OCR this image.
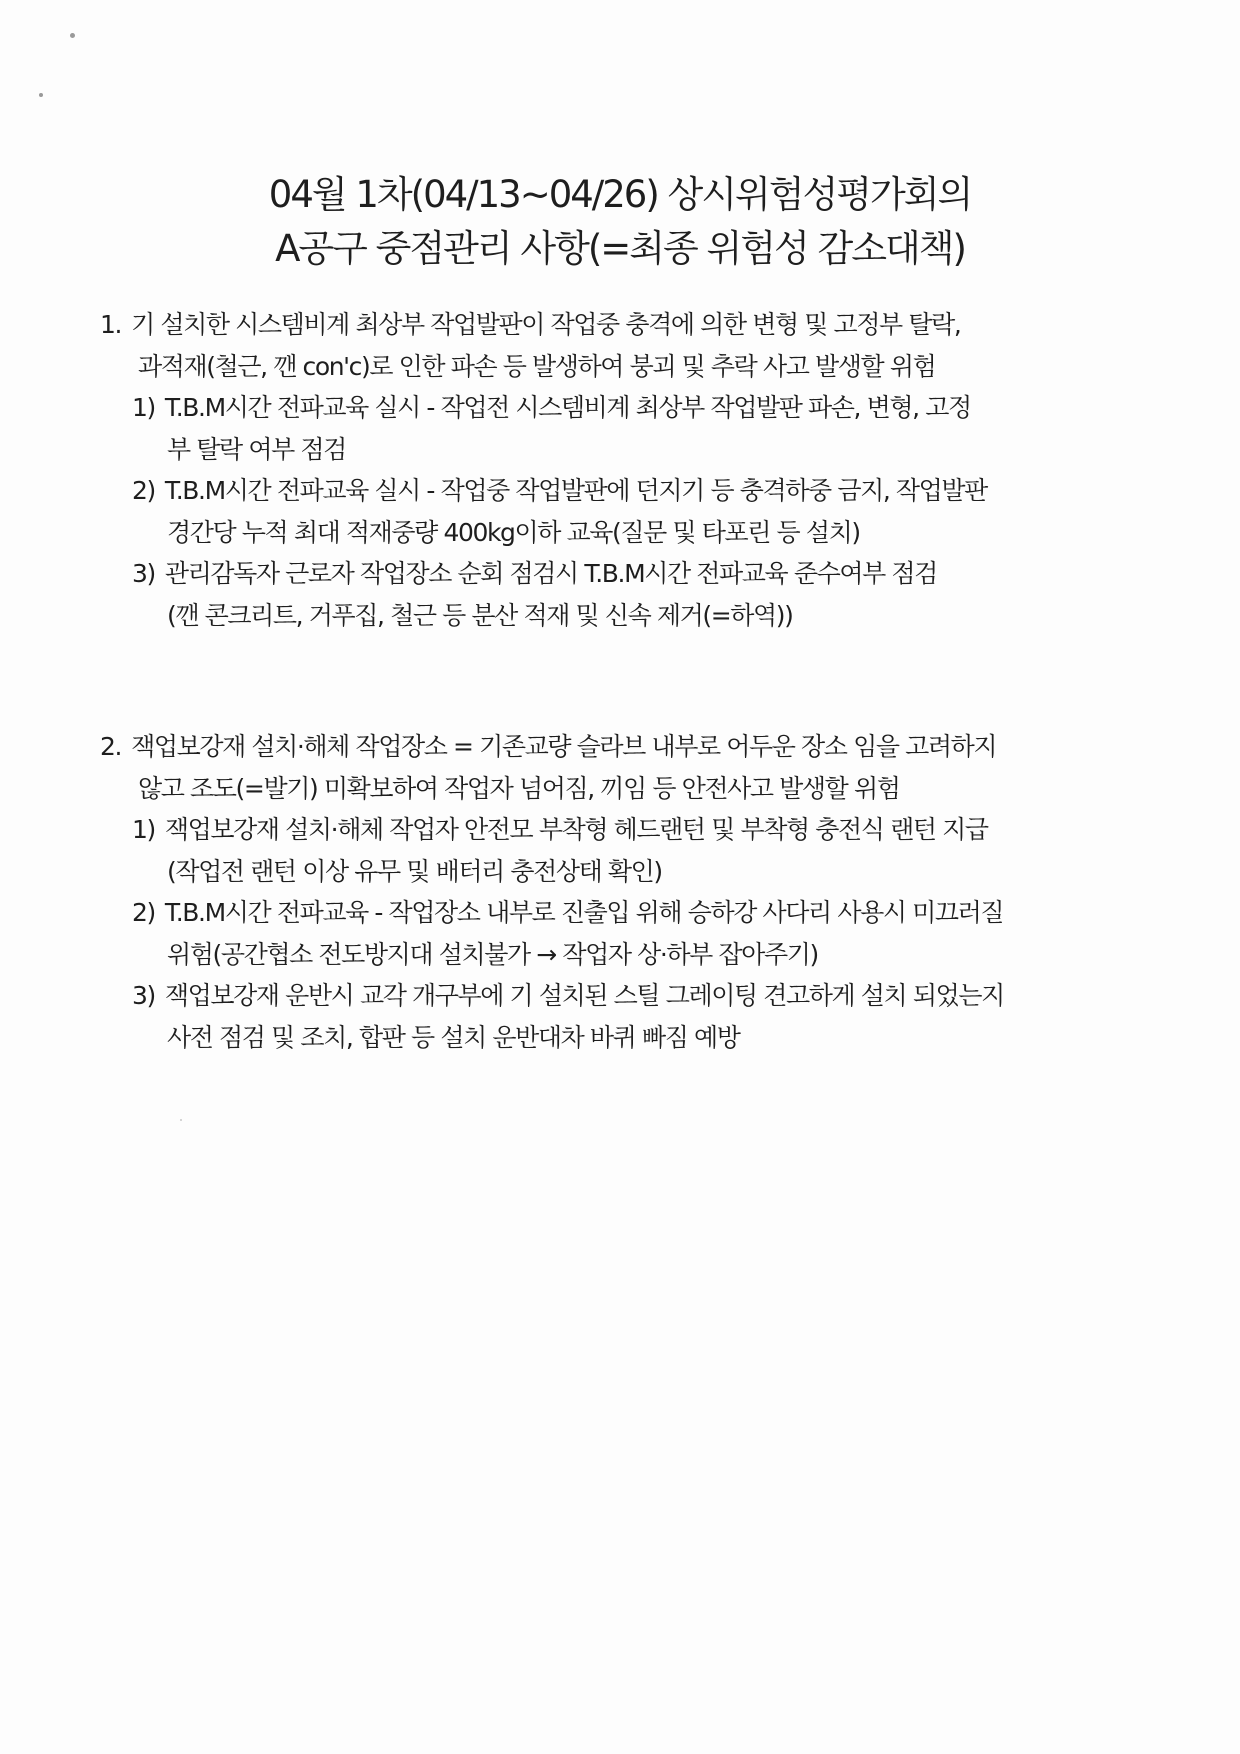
04월 1차(04/13~04/26) 상시위험성평가회의
A공구 중점관리 사항(=최종 위험성 감소대책)
1. 기 설치한 시스템비계 최상부 작업발판이 작업중 충격에 의한 변형 및 고정부 탈락,
과적재(철근, 깬 con'c)로 인한 파손 등 발생하여 붕괴 및 추락 사고 발생할 위험
1) T.B.M시간 전파교육 실시 - 작업전 시스템비계 최상부 작업발판 파손, 변형, 고정
부 탈락 여부 점검
2) T.B.M시간 전파교육 실시 - 작업중 작업발판에 던지기 등 충격하중 금지, 작업발판
경간당 누적 최대 적재중량 400kg이하 교육(질문 및 타포린 등 설치)
3) 관리감독자 근로자 작업장소 순회 점검시 T.B.M시간 전파교육 준수여부 점검
(깬 콘크리트, 거푸집, 철근 등 분산 적재 및 신속 제거(=하역))
2. 잭업보강재 설치·해체 작업장소 = 기존교량 슬라브 내부로 어두운 장소 임을 고려하지
않고 조도(=발기) 미확보하여 작업자 넘어짐, 끼임 등 안전사고 발생할 위험
1) 잭업보강재 설치·해체 작업자 안전모 부착형 헤드랜턴 및 부착형 충전식 랜턴 지급
(작업전 랜턴 이상 유무 및 배터리 충전상태 확인)
2) T.B.M시간 전파교육 - 작업장소 내부로 진출입 위해 승하강 사다리 사용시 미끄러질
위험(공간협소 전도방지대 설치불가 → 작업자 상·하부 잡아주기)
3) 잭업보강재 운반시 교각 개구부에 기 설치된 스틸 그레이팅 견고하게 설치 되었는지
사전 점검 및 조치, 합판 등 설치 운반대차 바퀴 빠짐 예방
